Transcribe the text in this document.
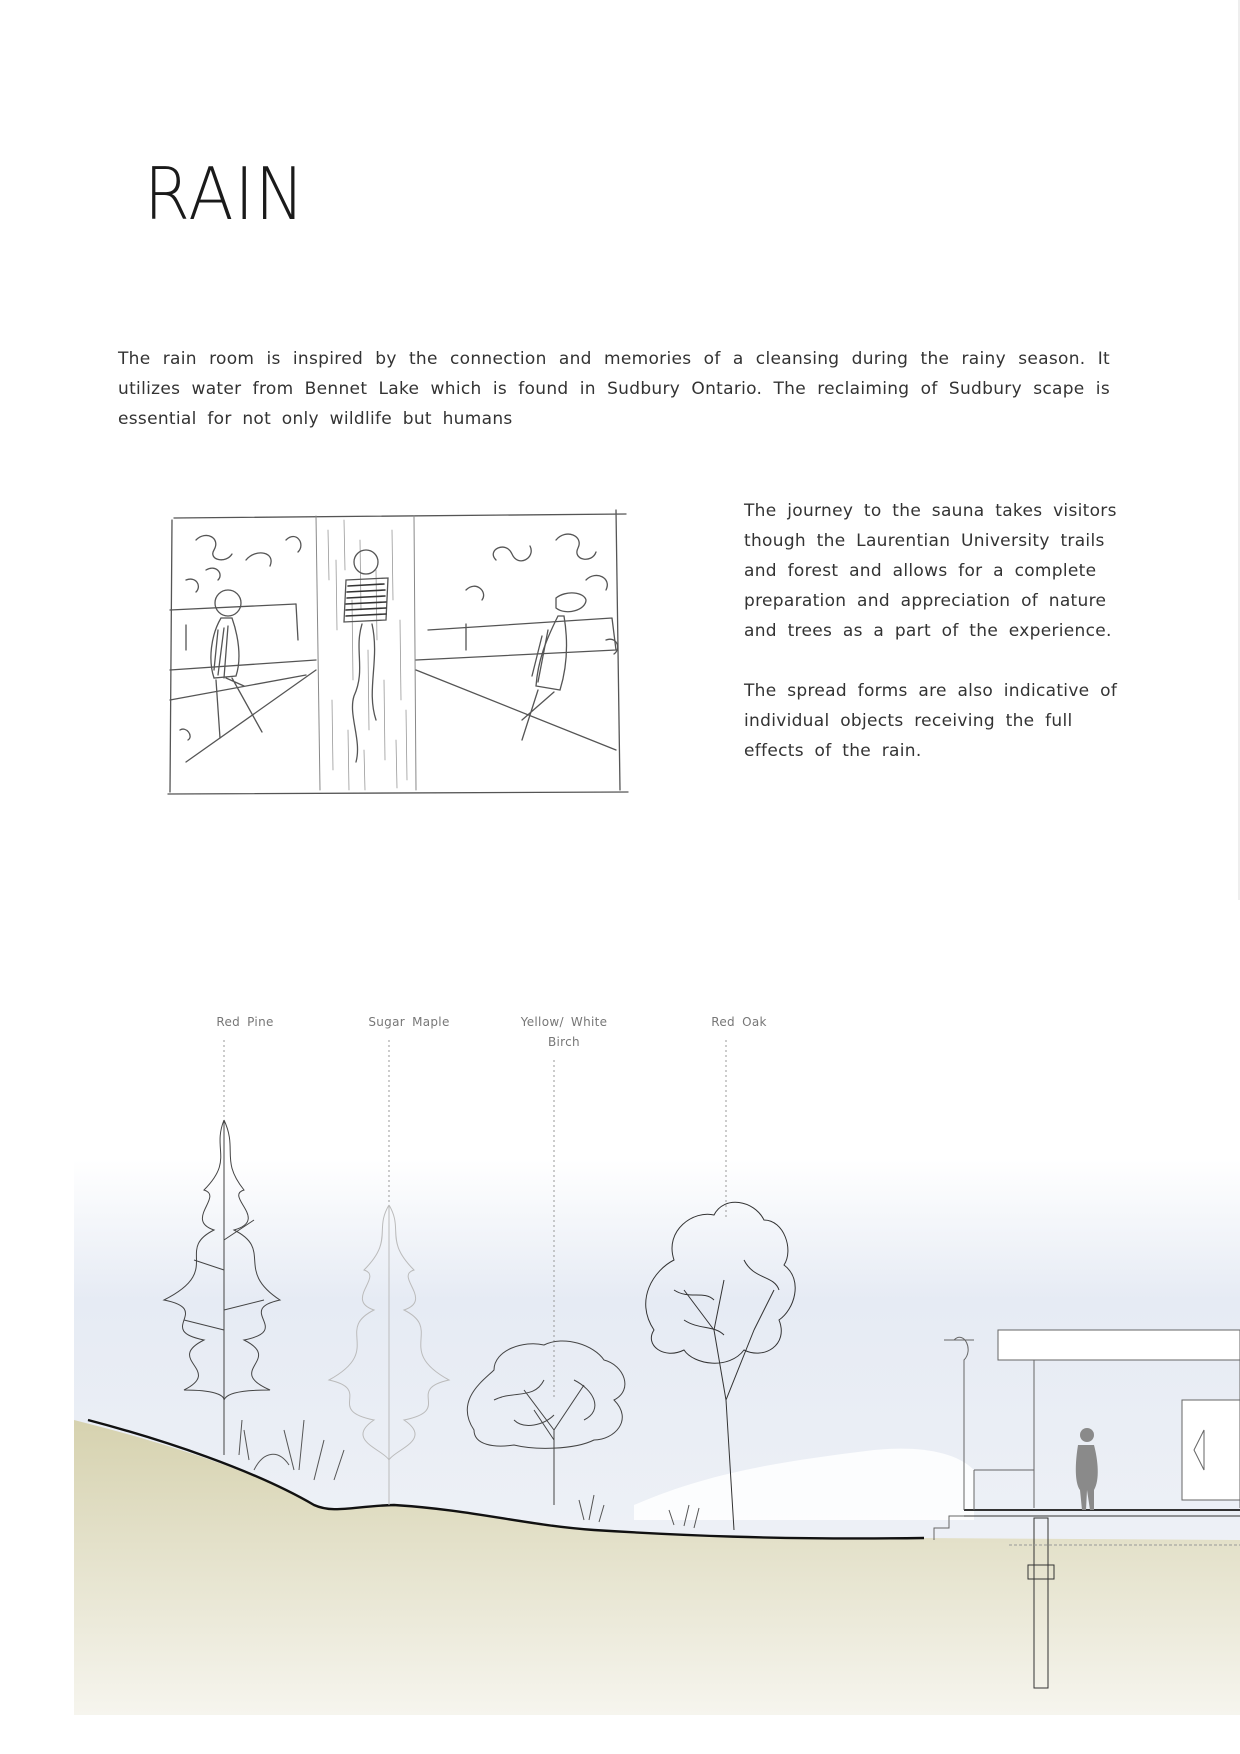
RAIN

The rain room is inspired by the connection and memories of a cleansing during the rainy season. It utilizes water from Bennet Lake which is found in Sudbury Ontario. The reclaiming of Sudbury scape is essential for not only wildlife but humans

The journey to the sauna takes visitors though the Laurentian University trails and forest and allows for a complete preparation and appreciation of nature and trees as a part of the experience.

The spread forms are also indicative of individual objects receiving the full effects of the rain.

Red Pine	Sugar Maple	Yellow/ White
Birch
Red Oak
